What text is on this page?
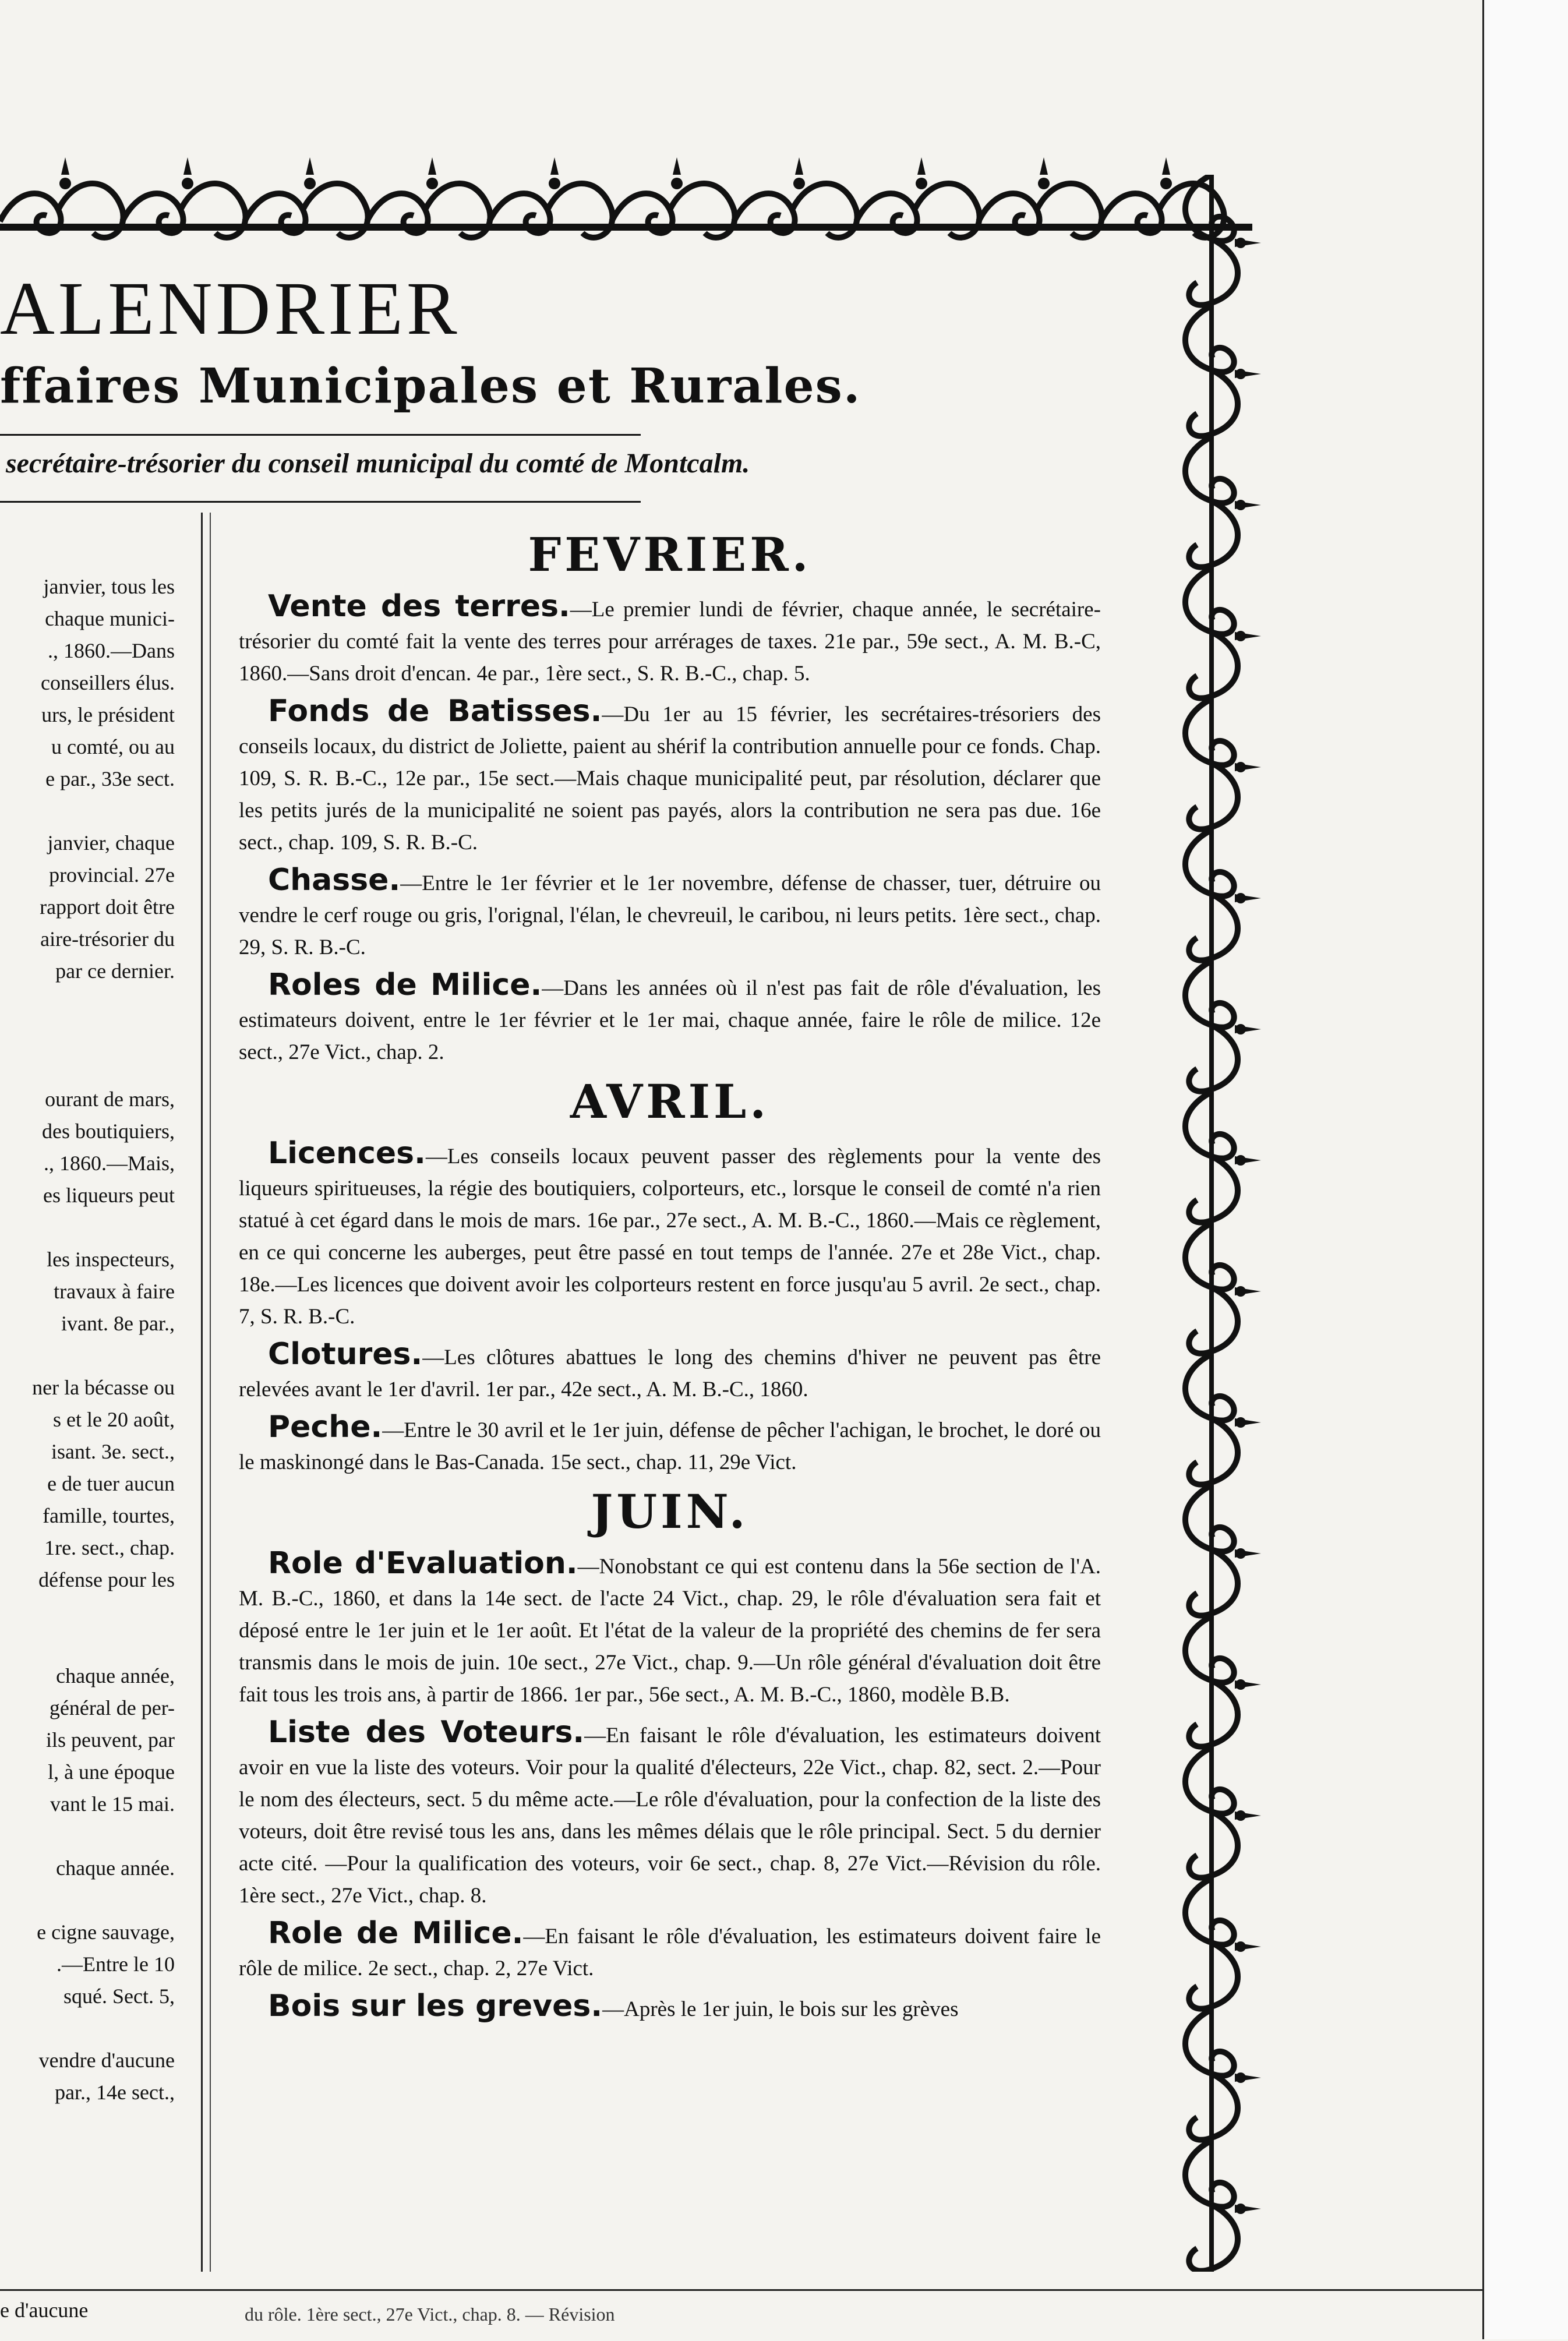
ALENDRIER
ffaires Municipales et Rurales.
secrétaire-trésorier du conseil municipal du comté de Montcalm.
janvier, tous les
chaque munici-
., 1860.—Dans
conseillers élus.
urs, le président
u comté, ou au
e par., 33e sect.
janvier, chaque
provincial. 27e
rapport doit être
aire-trésorier du
par ce dernier.
ourant de mars,
des boutiquiers,
., 1860.—Mais,
es liqueurs peut
les inspecteurs,
travaux à faire
ivant. 8e par.,
ner la bécasse ou
s et le 20 août,
isant. 3e. sect.,
e de tuer aucun
famille, tourtes,
1re. sect., chap.
défense pour les
chaque année,
général de per-
ils peuvent, par
l, à une époque
vant le 15 mai.
chaque année.
e cigne sauvage,
.—Entre le 10
squé. Sect. 5,
vendre d'aucune
par., 14e sect.,
FEVRIER.
Vente des terres.—Le premier lundi de février, chaque année, le secrétaire-trésorier du comté fait la vente des terres pour arrérages de taxes. 21e par., 59e sect., A. M. B.-C, 1860.—Sans droit d'encan. 4e par., 1ère sect., S. R. B.-C., chap. 5.
Fonds de Batisses.—Du 1er au 15 février, les secrétaires-trésoriers des conseils locaux, du district de Joliette, paient au shérif la contribution annuelle pour ce fonds. Chap. 109, S. R. B.-C., 12e par., 15e sect.—Mais chaque municipalité peut, par résolution, déclarer que les petits jurés de la municipalité ne soient pas payés, alors la contribution ne sera pas due. 16e sect., chap. 109, S. R. B.-C.
Chasse.—Entre le 1er février et le 1er novembre, défense de chasser, tuer, détruire ou vendre le cerf rouge ou gris, l'orignal, l'élan, le chevreuil, le caribou, ni leurs petits. 1ère sect., chap. 29, S. R. B.-C.
Roles de Milice.—Dans les années où il n'est pas fait de rôle d'évaluation, les estimateurs doivent, entre le 1er février et le 1er mai, chaque année, faire le rôle de milice. 12e sect., 27e Vict., chap. 2.
AVRIL.
Licences.—Les conseils locaux peuvent passer des règlements pour la vente des liqueurs spiritueuses, la régie des boutiquiers, colporteurs, etc., lorsque le conseil de comté n'a rien statué à cet égard dans le mois de mars. 16e par., 27e sect., A. M. B.-C., 1860.—Mais ce règlement, en ce qui concerne les auberges, peut être passé en tout temps de l'année. 27e et 28e Vict., chap. 18e.—Les licences que doivent avoir les colporteurs restent en force jusqu'au 5 avril. 2e sect., chap. 7, S. R. B.-C.
Clotures.—Les clôtures abattues le long des chemins d'hiver ne peuvent pas être relevées avant le 1er d'avril. 1er par., 42e sect., A. M. B.-C., 1860.
Peche.—Entre le 30 avril et le 1er juin, défense de pêcher l'achigan, le brochet, le doré ou le maskinongé dans le Bas-Canada. 15e sect., chap. 11, 29e Vict.
JUIN.
Role d'Evaluation.—Nonobstant ce qui est contenu dans la 56e section de l'A. M. B.-C., 1860, et dans la 14e sect. de l'acte 24 Vict., chap. 29, le rôle d'évaluation sera fait et déposé entre le 1er juin et le 1er août. Et l'état de la valeur de la propriété des chemins de fer sera transmis dans le mois de juin. 10e sect., 27e Vict., chap. 9.—Un rôle général d'évaluation doit être fait tous les trois ans, à partir de 1866. 1er par., 56e sect., A. M. B.-C., 1860, modèle B.B.
Liste des Voteurs.—En faisant le rôle d'évaluation, les estimateurs doivent avoir en vue la liste des voteurs. Voir pour la qualité d'électeurs, 22e Vict., chap. 82, sect. 2.—Pour le nom des électeurs, sect. 5 du même acte.—Le rôle d'évaluation, pour la confection de la liste des voteurs, doit être revisé tous les ans, dans les mêmes délais que le rôle principal. Sect. 5 du dernier acte cité. —Pour la qualification des voteurs, voir 6e sect., chap. 8, 27e Vict.—Révision du rôle. 1ère sect., 27e Vict., chap. 8.
Role de Milice.—En faisant le rôle d'évaluation, les estimateurs doivent faire le rôle de milice. 2e sect., chap. 2, 27e Vict.
Bois sur les greves.—Après le 1er juin, le bois sur les grèves
e d'aucune	du rôle. 1ère sect., 27e Vict., chap. 8. — Révision
